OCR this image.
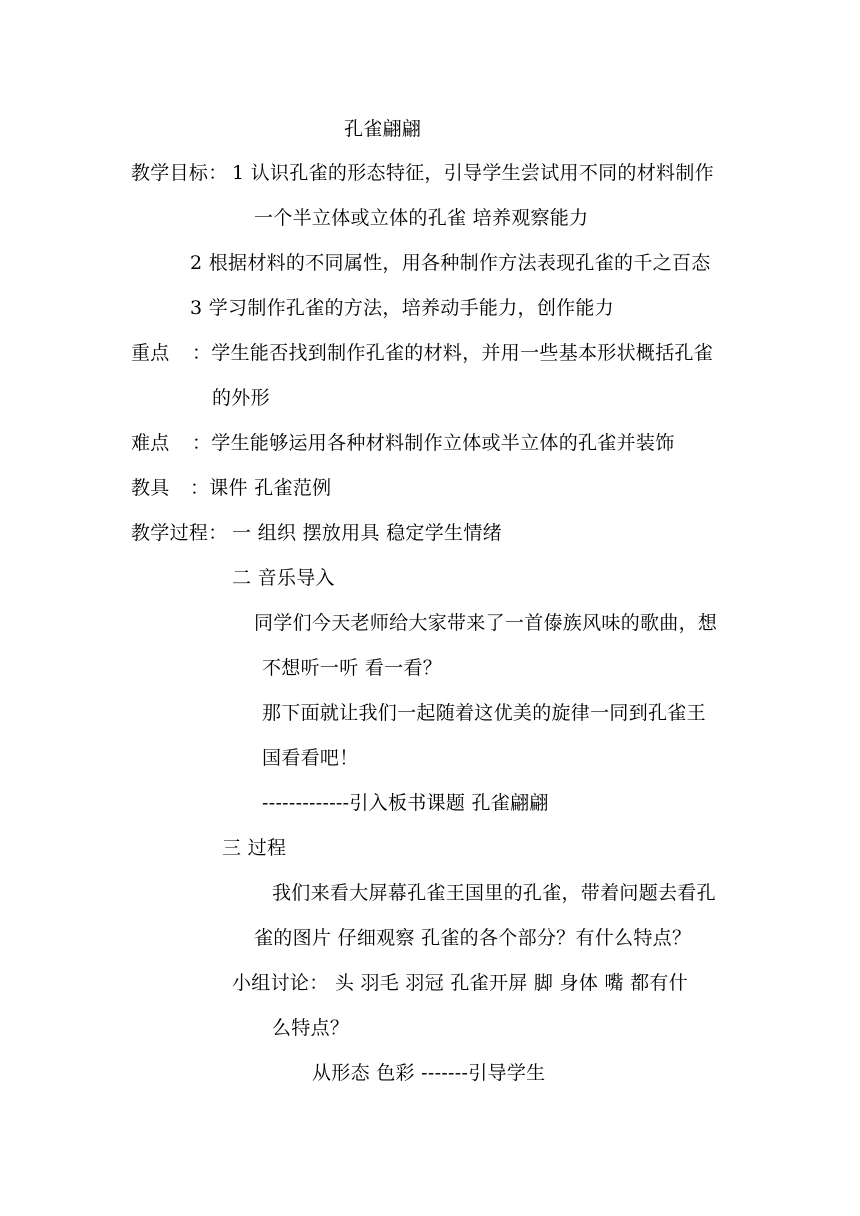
孔雀翩翩
教学目标： 1 认识孔雀的形态特征，引导学生尝试用不同的材料制作
一个半立体或立体的孔雀 培养观察能力
2 根据材料的不同属性，用各种制作方法表现孔雀的千之百态
3 学习制作孔雀的方法，培养动手能力，创作能力
重点 ：学生能否找到制作孔雀的材料，并用一些基本形状概括孔雀
的外形
难点 ：学生能够运用各种材料制作立体或半立体的孔雀并装饰
教具 ：课件 孔雀范例
教学过程： 一 组织 摆放用具 稳定学生情绪
二 音乐导入
同学们今天老师给大家带来了一首傣族风味的歌曲，想
不想听一听 看一看？
那下面就让我们一起随着这优美的旋律一同到孔雀王
国看看吧！
-------------引入板书课题 孔雀翩翩
三 过程
我们来看大屏幕孔雀王国里的孔雀，带着问题去看孔
雀的图片 仔细观察 孔雀的各个部分？有什么特点？
小组讨论： 头 羽毛 羽冠 孔雀开屏 脚 身体 嘴 都有什
么特点？
从形态 色彩 -------引导学生
